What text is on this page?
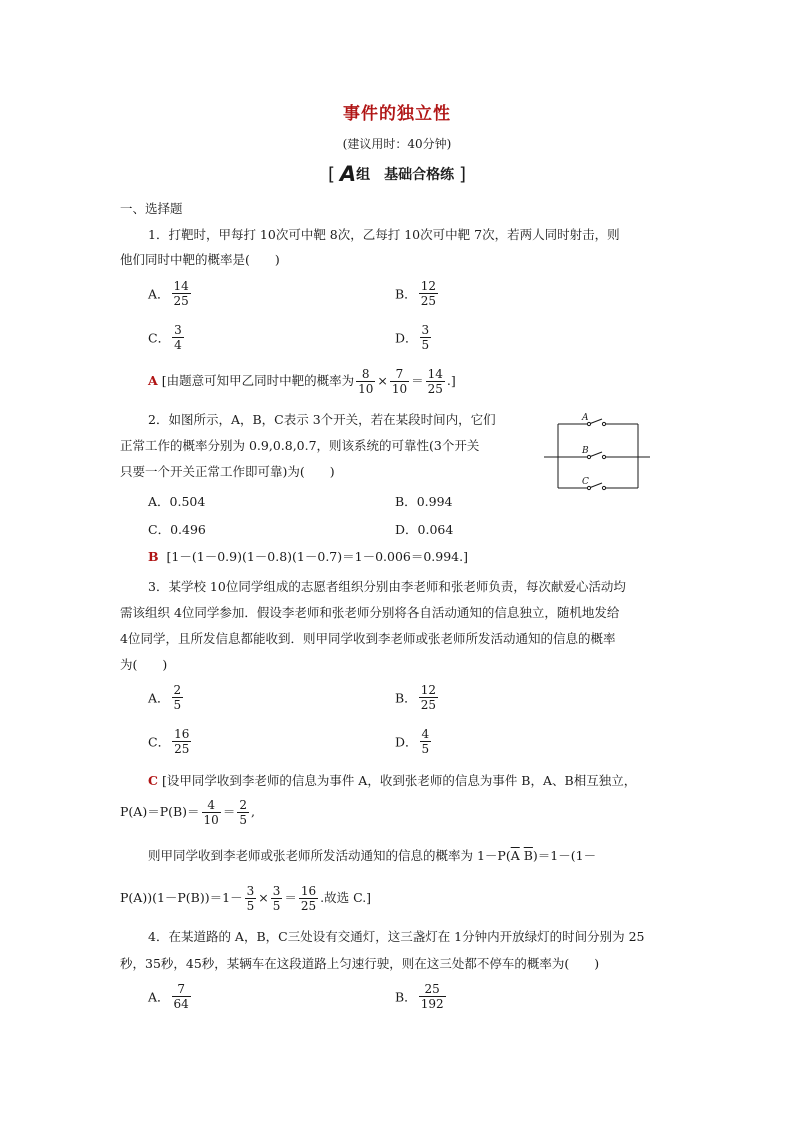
事件的独立性
(建议用时：40分钟)
[ A组　基础合格练 ]
一、选择题
1．打靶时，甲每打 10次可中靶 8次，乙每打 10次可中靶 7次，若两人同时射击，则
他们同时中靶的概率是(　　)
A． $\frac{14}{25}$	B． $\frac{12}{25}$
C． $\frac{3}{4}$	D． $\frac{3}{5}$
A [由题意可知甲乙同时中靶的概率为 $\frac{8}{10} \times \frac{7}{10} = \frac{14}{25}$ .]
2．如图所示，A，B，C表示 3个开关，若在某段时间内，它们
正常工作的概率分别为 0.9,0.8,0.7，则该系统的可靠性(3个开关
只要一个开关正常工作即可靠)为(　　)
A
B
C
A．0.504	B．0.994
C．0.496	D．0.064
B [1－(1－0.9)(1－0.8)(1－0.7)＝1－0.006＝0.994.]
3．某学校 10位同学组成的志愿者组织分别由李老师和张老师负责，每次献爱心活动均
需该组织 4位同学参加．假设李老师和张老师分别将各自活动通知的信息独立，随机地发给
4位同学，且所发信息都能收到．则甲同学收到李老师或张老师所发活动通知的信息的概率
为(　　)
A． $\frac{2}{5}$	B． $\frac{12}{25}$
C． $\frac{16}{25}$	D． $\frac{4}{5}$
C [设甲同学收到李老师的信息为事件 A，收到张老师的信息为事件 B，A、B相互独立，
$P(A)=P(B)= \frac{4}{10} = \frac{2}{5}$ ,
则甲同学收到李老师或张老师所发活动通知的信息的概率为 $1-P(\overline{A}$ $\overline{B})=1-(1-$
$P(A))(1-P(B))=1- \frac{3}{5} \times \frac{3}{5} = \frac{16}{25}$ .故选 C.]
4．在某道路的 A，B，C三处设有交通灯，这三盏灯在 1分钟内开放绿灯的时间分别为 25
秒，35秒，45秒，某辆车在这段道路上匀速行驶，则在这三处都不停车的概率为(　　)
A． $\frac{7}{64}$	B． $\frac{25}{192}$
